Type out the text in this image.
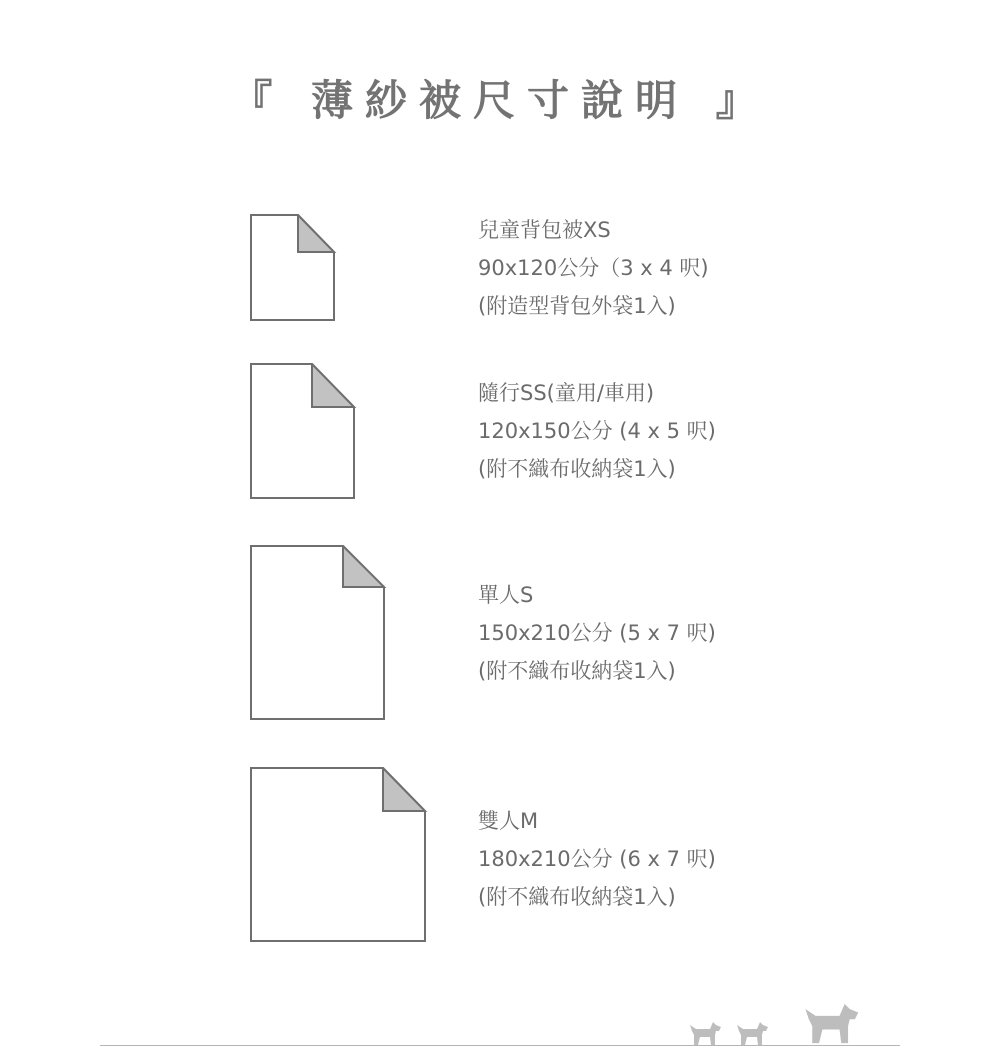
『 薄紗被尺寸說明 』
兒童背包被XS
90x120公分（3 x 4 呎)
(附造型背包外袋1入)
隨行SS(童用/車用)
120x150公分 (4 x 5 呎)
(附不織布收納袋1入)
單人S
150x210公分 (5 x 7 呎)
(附不織布收納袋1入)
雙人M
180x210公分 (6 x 7 呎)
(附不織布收納袋1入)
